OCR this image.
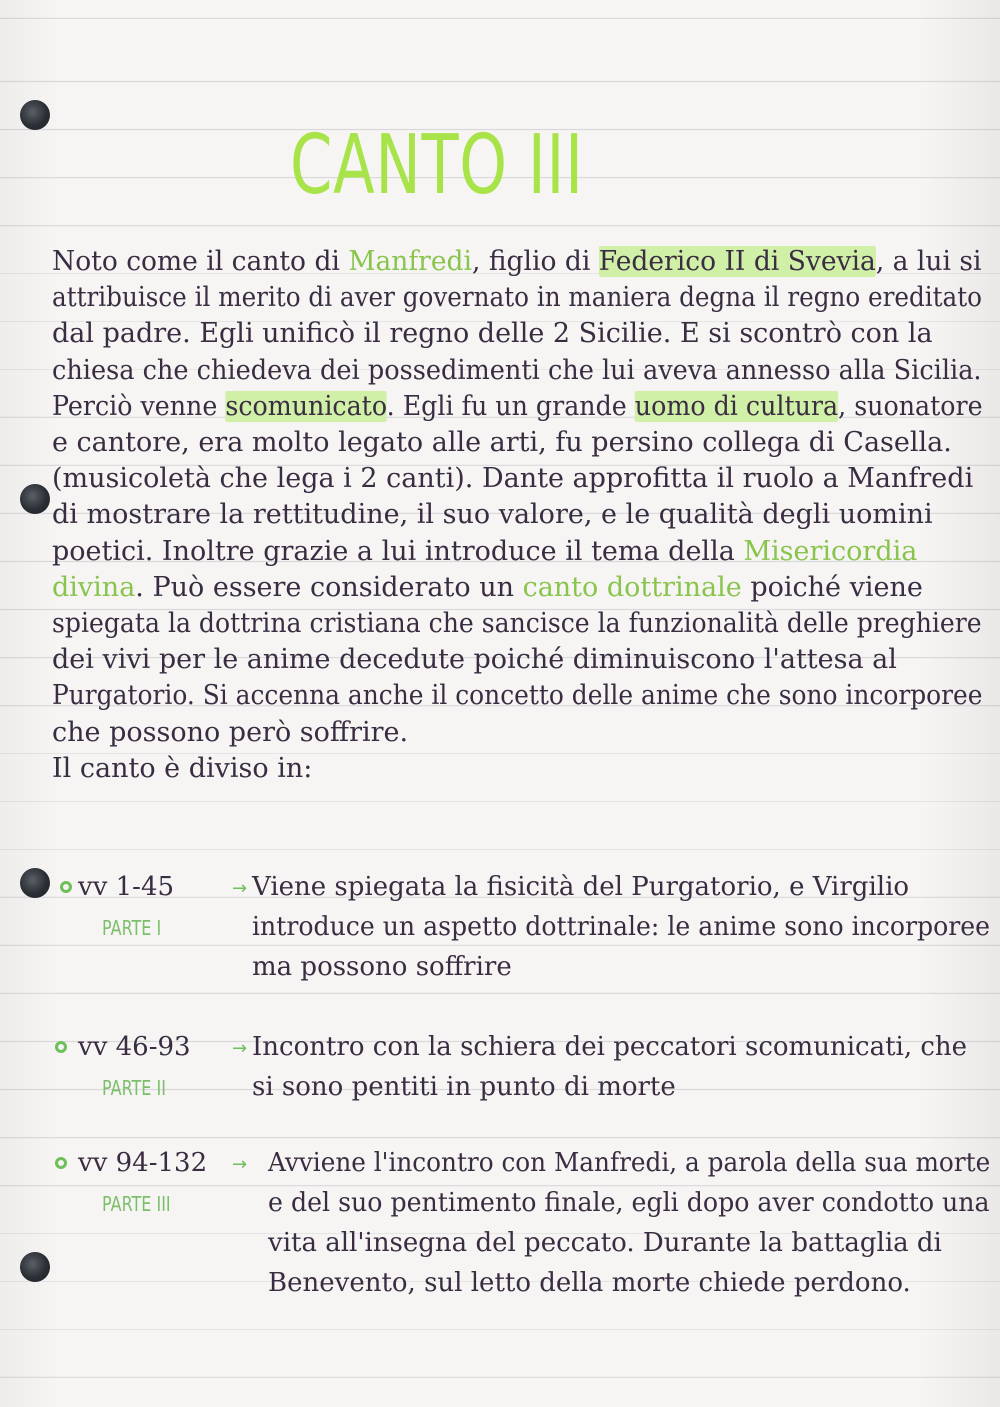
CANTO III
Noto come il canto di Manfredi, figlio di Federico II di Svevia, a lui si
attribuisce il merito di aver governato in maniera degna il regno ereditato
dal padre. Egli unificò il regno delle 2 Sicilie. E si scontrò con la
chiesa che chiedeva dei possedimenti che lui aveva annesso alla Sicilia.
Perciò venne scomunicato. Egli fu un grande uomo di cultura, suonatore
e cantore, era molto legato alle arti, fu persino collega di Casella.
(musicoletà che lega i 2 canti). Dante approfitta il ruolo a Manfredi
di mostrare la rettitudine, il suo valore, e le qualità degli uomini
poetici. Inoltre grazie a lui introduce il tema della Misericordia
divina. Può essere considerato un canto dottrinale poiché viene
spiegata la dottrina cristiana che sancisce la funzionalità delle preghiere
dei vivi per le anime decedute poiché diminuiscono l'attesa al
Purgatorio. Si accenna anche il concetto delle anime che sono incorporee
che possono però soffrire.
Il canto è diviso in:
vv 1-45	→
PARTE I
Viene spiegata la fisicità del Purgatorio, e Virgilio
introduce un aspetto dottrinale: le anime sono incorporee
ma possono soffrire
vv 46-93 →
PARTE II
Incontro con la schiera dei peccatori scomunicati, che
si sono pentiti in punto di morte
vv 94-132 →
PARTE III
Avviene l'incontro con Manfredi, a parola della sua morte
e del suo pentimento finale, egli dopo aver condotto una
vita all'insegna del peccato. Durante la battaglia di
Benevento, sul letto della morte chiede perdono.
